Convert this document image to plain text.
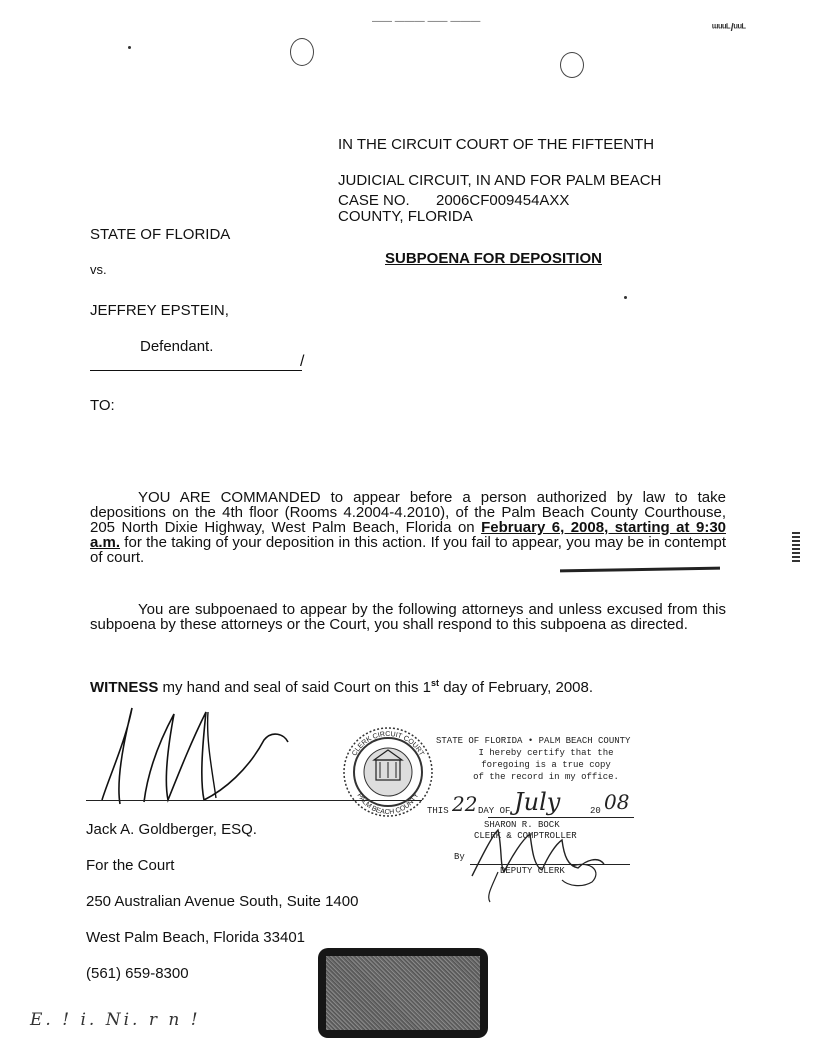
—— ——— —— ———
ᵚᵘᵘᴸ/ᵘᵘᴸ

IN THE CIRCUIT COURT OF THE FIFTEENTH

JUDICIAL CIRCUIT, IN AND FOR PALM BEACH

COUNTY, FLORIDA

CASE NO. 2006CF009454AXX
STATE OF FLORIDA
vs.
JEFFREY EPSTEIN,
Defendant.
/
SUBPOENA FOR DEPOSITION
TO:
YOU ARE COMMANDED to appear before a person authorized by law to take depositions on the 4th floor (Rooms 4.2004-4.2010), of the Palm Beach County Courthouse, 205 North Dixie Highway, West Palm Beach, Florida on February 6, 2008, starting at 9:30 a.m. for the taking of your deposition in this action. If you fail to appear, you may be in contempt of court.
You are subpoenaed to appear by the following attorneys and unless excused from this subpoena by these attorneys or the Court, you shall respond to this subpoena as directed.
WITNESS my hand and seal of said Court on this 1st day of February, 2008.

Jack A. Goldberger, ESQ.

For the Court

250 Australian Avenue South, Suite 1400

West Palm Beach, Florida 33401

(561) 659-8300

CLERK CIRCUIT COURT
PALM BEACH COUNTY
STATE OF FLORIDA • PALM BEACH COUNTY
I hereby certify that the
foregoing is a true copy
of the record in my office.
THIS 22 DAY OF July	20 08
SHARON R. BOCK
CLERK & COMPTROLLER
By
DEPUTY CLERK
E. ! i. Ni. r n !
